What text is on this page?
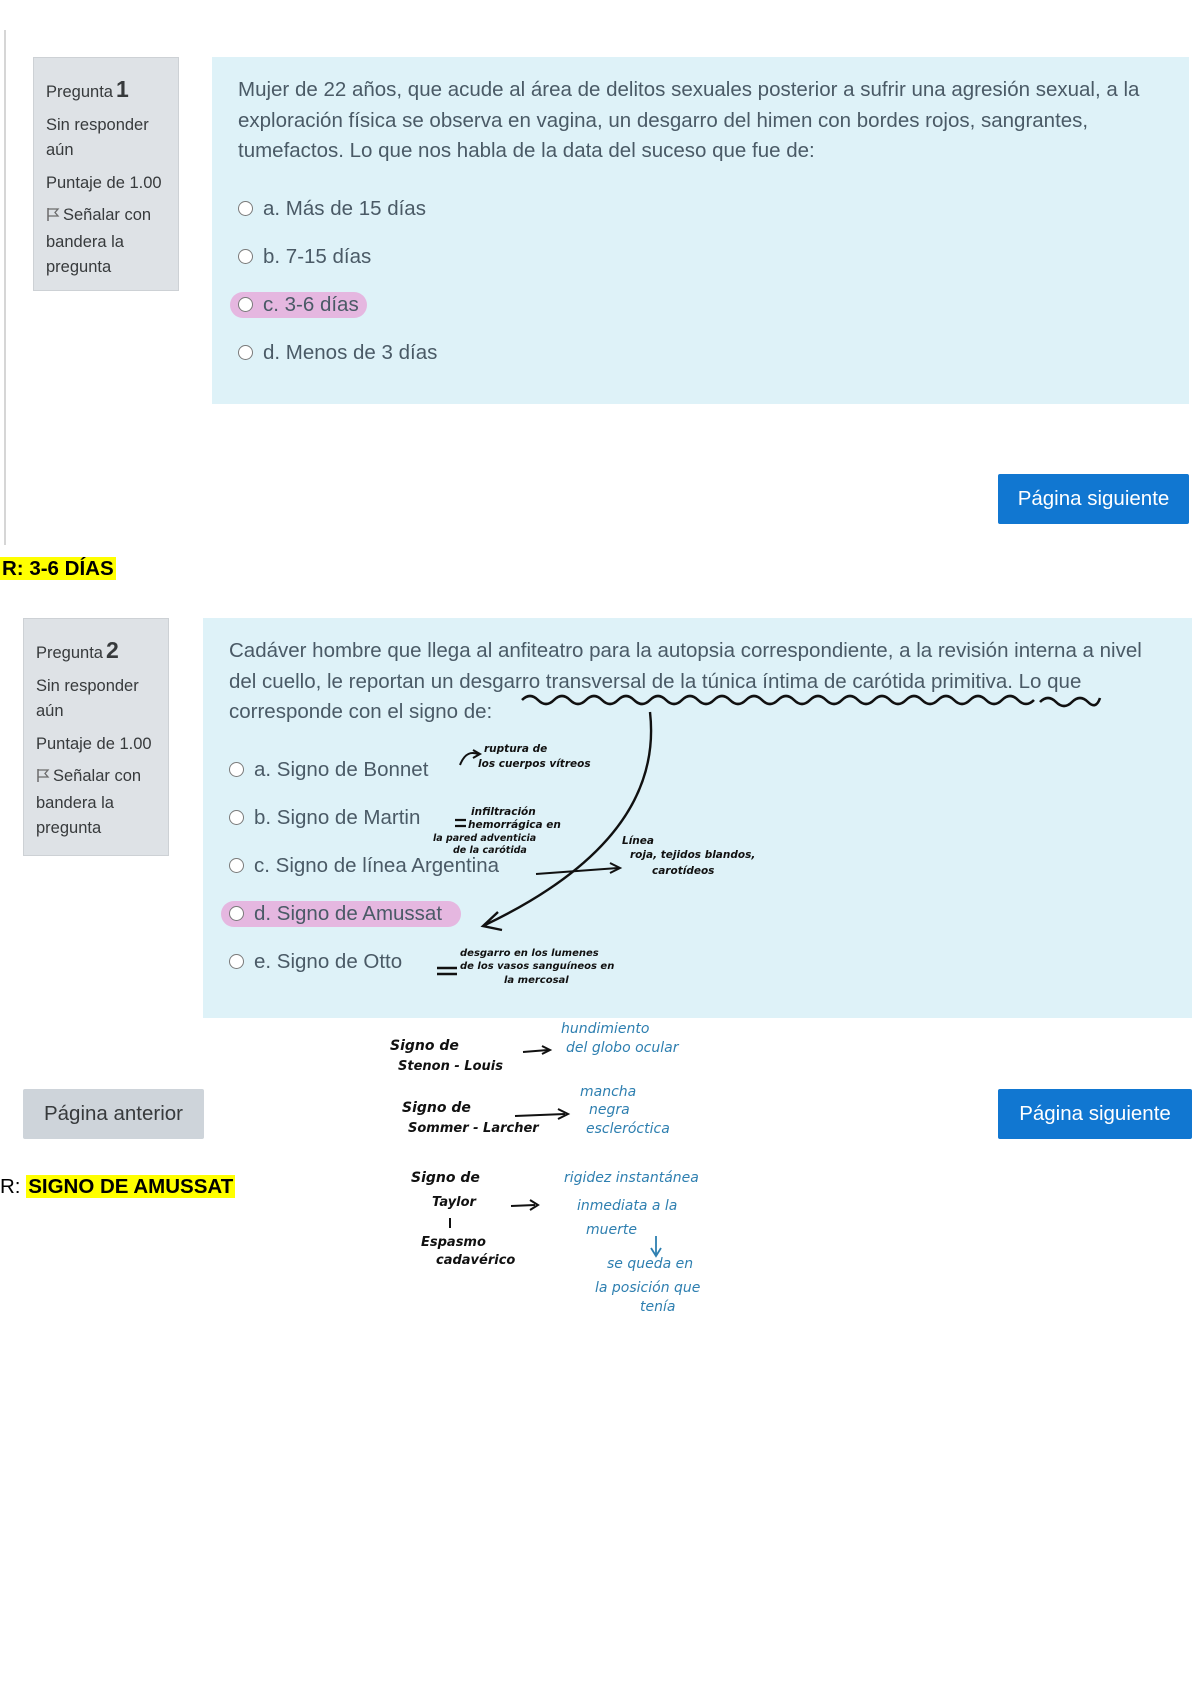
Pregunta 1
Sin responder aún
Puntaje de 1.00
Señalar con bandera la pregunta
Mujer de 22 años, que acude al área de delitos sexuales posterior a sufrir una agresión sexual, a la exploración física se observa en vagina, un desgarro del himen con bordes rojos, sangrantes, tumefactos. Lo que nos habla de la data del suceso que fue de:
a. Más de 15 días
b. 7-15 días
c. 3-6 días
d. Menos de 3 días
Página siguiente
R: 3-6 DÍAS
Pregunta 2
Sin responder aún
Puntaje de 1.00
Señalar con bandera la pregunta
Cadáver hombre que llega al anfiteatro para la autopsia correspondiente, a la revisión interna a nivel del cuello, le reportan un desgarro transversal de la túnica íntima de carótida primitiva. Lo que corresponde con el signo de:
a. Signo de Bonnet
b. Signo de Martin
c. Signo de línea Argentina
d. Signo de Amussat
e. Signo de Otto
Página anterior	Página siguiente
R: SIGNO DE AMUSSAT
ruptura de
los cuerpos vítreos
infiltración
hemorrágica en
la pared adventicia
de la carótida
Línea
roja, tejidos blandos,
carotídeos
desgarro en los lumenes
de los vasos sanguíneos en
la mercosal
Signo de
Stenon - Louis
Signo de
Sommer - Larcher
Signo de
Taylor
Espasmo
cadavérico
hundimiento
del globo ocular
mancha
negra
escleróctica
rigidez instantánea
inmediata a la
muerte
se queda en
la posición que
tenía
